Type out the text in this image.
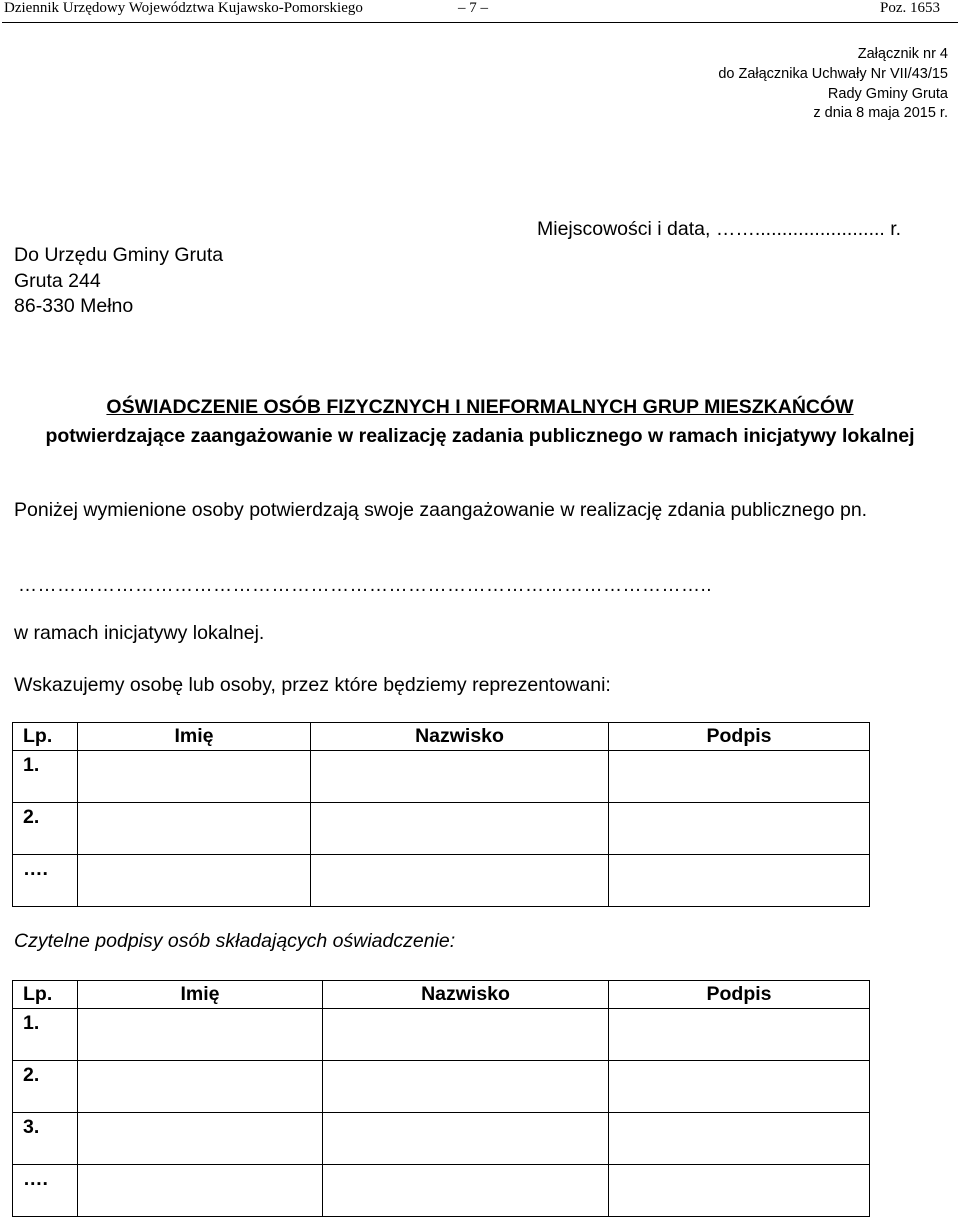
Dziennik Urzędowy Województwa Kujawsko-Pomorskiego	– 7 –	Poz. 1653
Załącznik nr 4
do Załącznika Uchwały Nr VII/43/15
Rady Gminy Gruta
z dnia 8 maja 2015 r.
Miejscowości i data, ……........................ r.
Do Urzędu Gminy Gruta
Gruta 244
86-330 Mełno
OŚWIADCZENIE OSÓB FIZYCZNYCH I NIEFORMALNYCH GRUP MIESZKAŃCÓW
potwierdzające zaangażowanie w realizację zadania publicznego w ramach inicjatywy lokalnej
Poniżej wymienione osoby potwierdzają swoje zaangażowanie w realizację zdania publicznego pn.
……………………………………………………………………………………………..
w ramach inicjatywy lokalnej.
Wskazujemy osobę lub osoby, przez które będziemy reprezentowani:
Lp.	Imię	Nazwisko	Podpis
1.			
2.			
….			
Czytelne podpisy osób składających oświadczenie:
Lp.	Imię	Nazwisko	Podpis
1.			
2.			
3.			
….			
